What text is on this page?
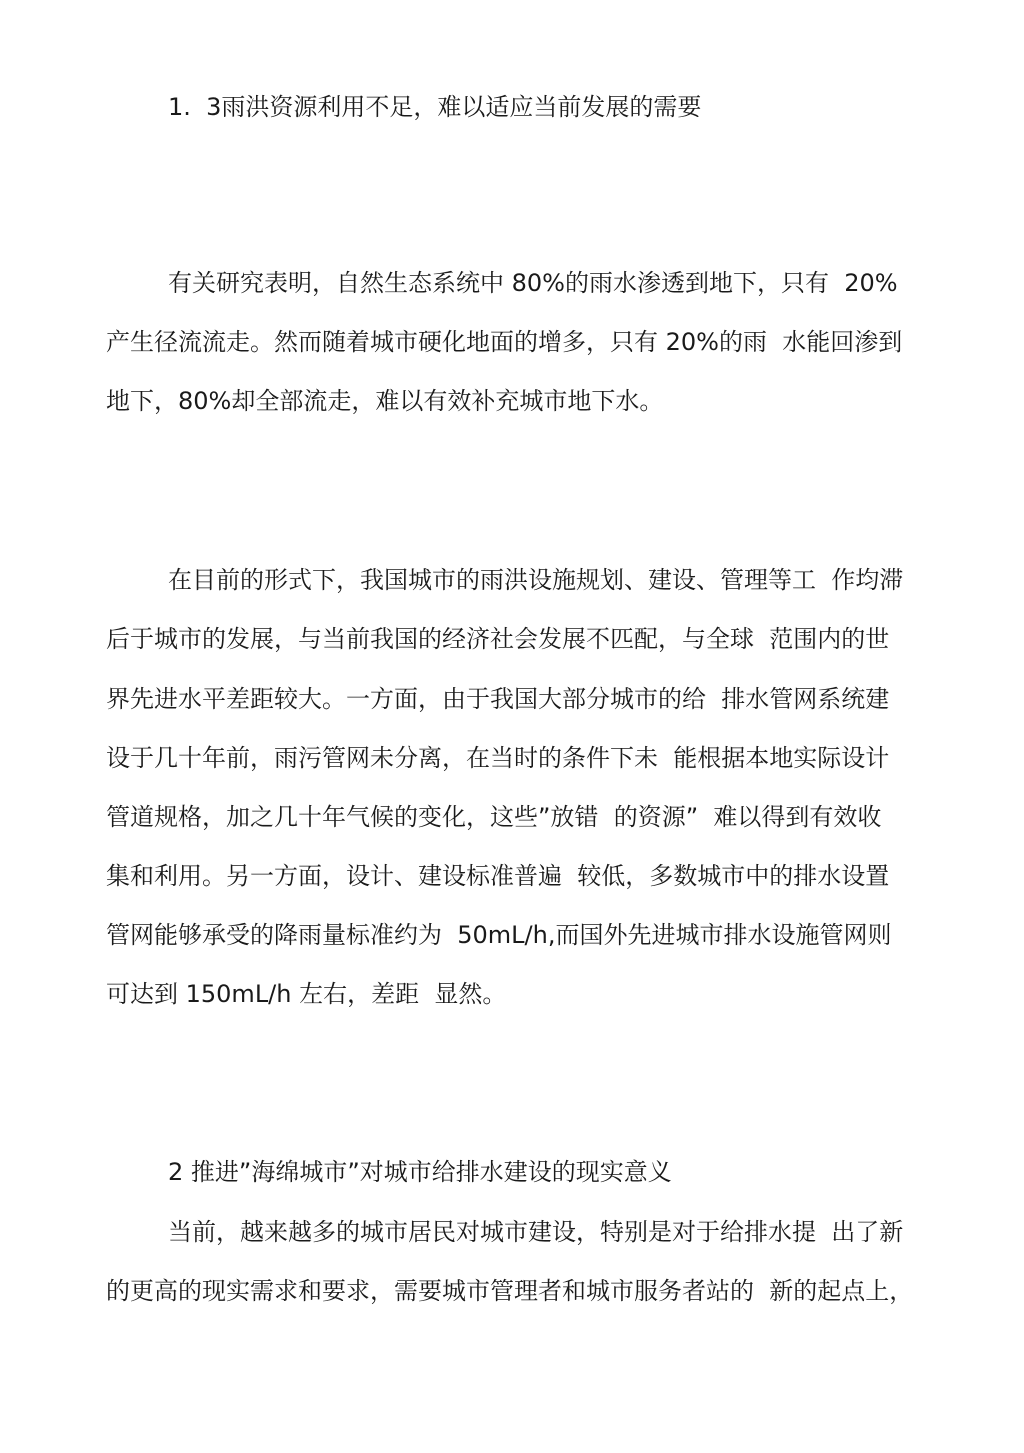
1.  3雨洪资源利用不足，难以适应当前发展的需要
有关研究表明，自然生态系统中 80%的雨水渗透到地下，只有  20%
产生径流流走。然而随着城市硬化地面的增多，只有 20%的雨  水能回渗到
地下，80%却全部流走，难以有效补充城市地下水。
在目前的形式下，我国城市的雨洪设施规划、建设、管理等工  作均滞
后于城市的发展，与当前我国的经济社会发展不匹配，与全球  范围内的世
界先进水平差距较大。一方面，由于我国大部分城市的给  排水管网系统建
设于几十年前，雨污管网未分离，在当时的条件下未  能根据本地实际设计
管道规格，加之几十年气候的变化，这些”放错  的资源”  难以得到有效收
集和利用。另一方面，设计、建设标准普遍  较低，多数城市中的排水设置
管网能够承受的降雨量标准约为  50mL/h,而国外先进城市排水设施管网则
可达到 150mL/h 左右，差距  显然。
2 推进”海绵城市”对城市给排水建设的现实意义
当前，越来越多的城市居民对城市建设，特别是对于给排水提  出了新
的更高的现实需求和要求，需要城市管理者和城市服务者站的  新的起点上，
